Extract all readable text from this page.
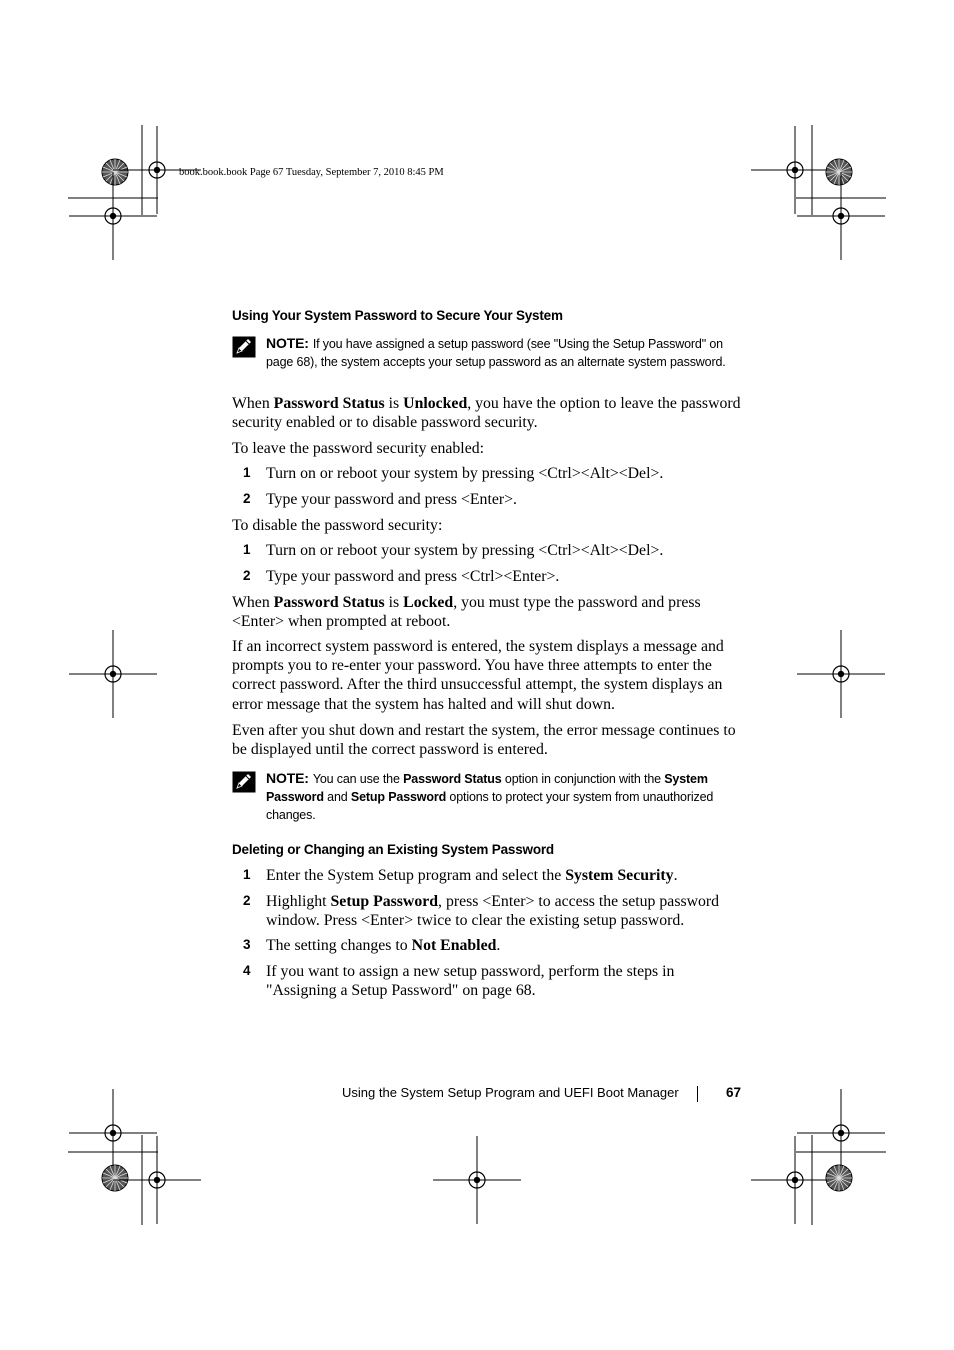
book.book.book Page 67 Tuesday, September 7, 2010 8:45 PM
Using Your System Password to Secure Your System
NOTE: If you have assigned a setup password (see "Using the Setup Password" on page 68), the system accepts your setup password as an alternate system password.
When Password Status is Unlocked, you have the option to leave the password security enabled or to disable password security.
To leave the password security enabled:
1 Turn on or reboot your system by pressing <Ctrl><Alt><Del>.
2 Type your password and press <Enter>.
To disable the password security:
1 Turn on or reboot your system by pressing <Ctrl><Alt><Del>.
2 Type your password and press <Ctrl><Enter>.
When Password Status is Locked, you must type the password and press <Enter> when prompted at reboot.
If an incorrect system password is entered, the system displays a message and prompts you to re-enter your password. You have three attempts to enter the correct password. After the third unsuccessful attempt, the system displays an error message that the system has halted and will shut down.
Even after you shut down and restart the system, the error message continues to be displayed until the correct password is entered.
NOTE: You can use the Password Status option in conjunction with the System Password and Setup Password options to protect your system from unauthorized changes.
Deleting or Changing an Existing System Password
1 Enter the System Setup program and select the System Security.
2 Highlight Setup Password, press <Enter> to access the setup password window. Press <Enter> twice to clear the existing setup password.
3 The setting changes to Not Enabled.
4 If you want to assign a new setup password, perform the steps in "Assigning a Setup Password" on page 68.
Using the System Setup Program and UEFI Boot Manager	67
